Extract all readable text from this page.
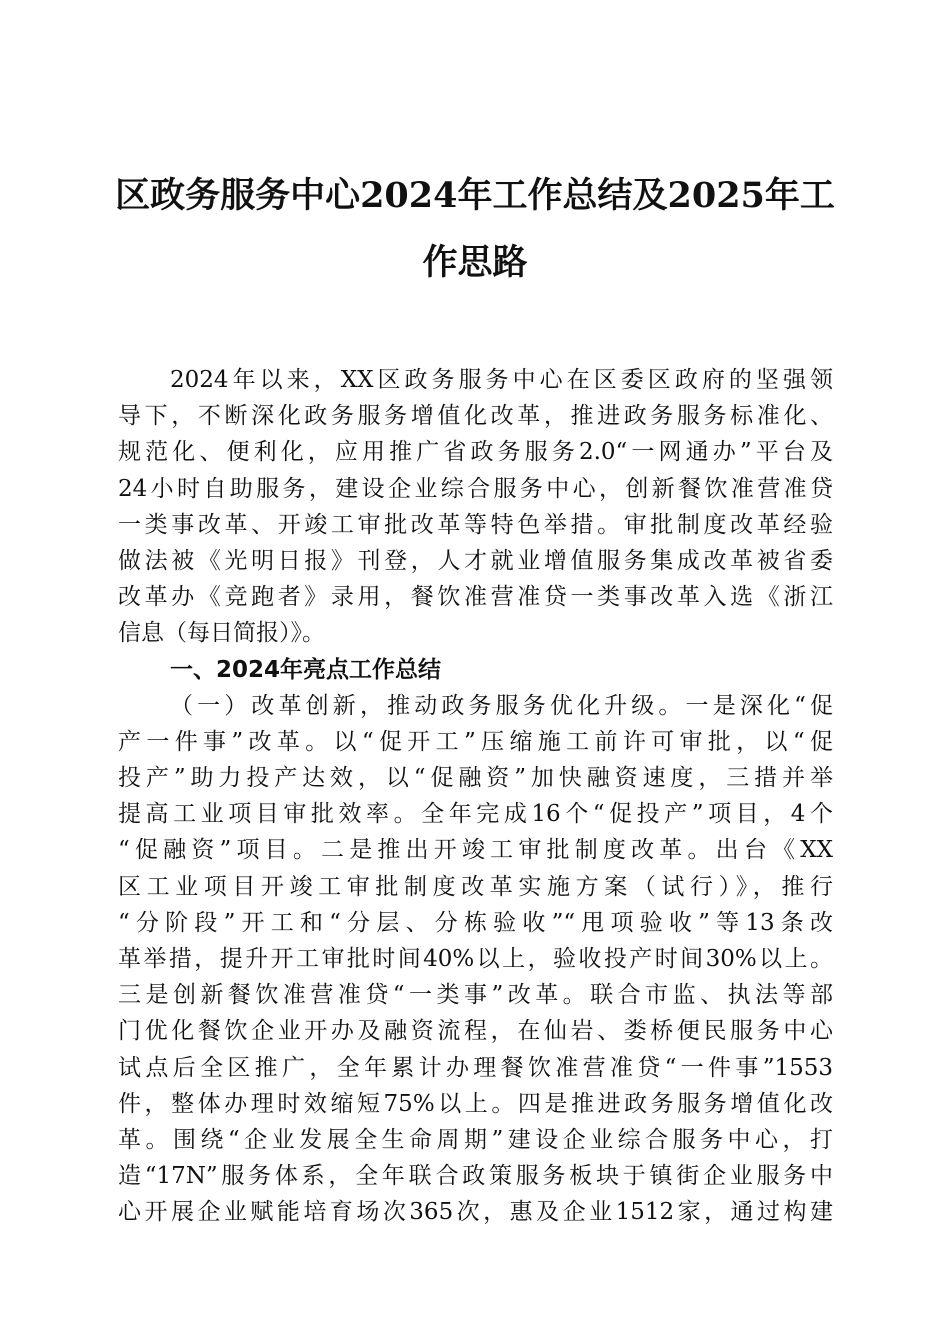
区政务服务中心2024年工作总结及2025年工
作思路
2024年以来，XX区政务服务中心在区委区政府的坚强领
导下，不断深化政务服务增值化改革，推进政务服务标准化、
规范化、便利化，应用推广省政务服务2.0“一网通办”平台及
24小时自助服务，建设企业综合服务中心，创新餐饮准营准贷
一类事改革、开竣工审批改革等特色举措。审批制度改革经验
做法被《光明日报》刊登，人才就业增值服务集成改革被省委
改革办《竞跑者》录用，餐饮准营准贷一类事改革入选《浙江
信息（每日简报）》。
一、2024年亮点工作总结
（一）改革创新，推动政务服务优化升级。一是深化“促
产一件事”改革。以“促开工”压缩施工前许可审批，以“促
投产”助力投产达效，以“促融资”加快融资速度，三措并举
提高工业项目审批效率。全年完成16个“促投产”项目，4个
“促融资”项目。二是推出开竣工审批制度改革。出台《XX
区工业项目开竣工审批制度改革实施方案（试行）》，推行
“分阶段”开工和“分层、分栋验收”“甩项验收”等13条改
革举措，提升开工审批时间40%以上，验收投产时间30%以上。
三是创新餐饮准营准贷“一类事”改革。联合市监、执法等部
门优化餐饮企业开办及融资流程，在仙岩、娄桥便民服务中心
试点后全区推广，全年累计办理餐饮准营准贷“一件事”1553
件，整体办理时效缩短75%以上。四是推进政务服务增值化改
革。围绕“企业发展全生命周期”建设企业综合服务中心，打
造“17N”服务体系，全年联合政策服务板块于镇街企业服务中
心开展企业赋能培育场次365次，惠及企业1512家，通过构建
